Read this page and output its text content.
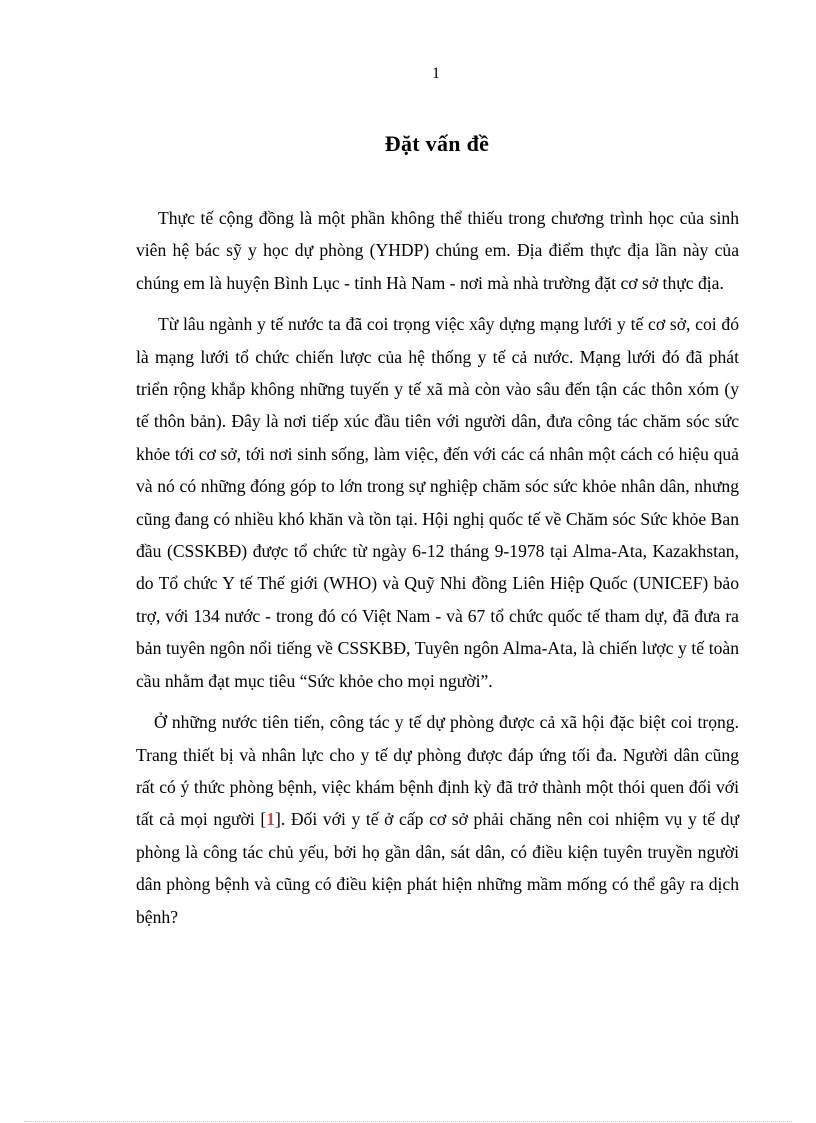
1
Đặt vấn đề

Thực tế cộng đồng là một phần không thể thiếu trong chương trình học của sinh viên hệ bác sỹ y học dự phòng (YHDP) chúng em. Địa điểm thực địa lần này của chúng em là huyện Bình Lục - tỉnh Hà Nam - nơi mà nhà trường đặt cơ sở thực địa.

Từ lâu ngành y tế nước ta đã coi trọng việc xây dựng mạng lưới y tế cơ sở, coi đó là mạng lưới tổ chức chiến lược của hệ thống y tế cả nước. Mạng lưới đó đã phát triển rộng khắp không những tuyến y tế xã mà còn vào sâu đến tận các thôn xóm (y tế thôn bản). Đây là nơi tiếp xúc đầu tiên với người dân, đưa công tác chăm sóc sức khỏe tới cơ sở, tới nơi sinh sống, làm việc, đến với các cá nhân một cách có hiệu quả và nó có những đóng góp to lớn trong sự nghiệp chăm sóc sức khỏe nhân dân, nhưng cũng đang có nhiều khó khăn và tồn tại. Hội nghị quốc tế về Chăm sóc Sức khỏe Ban đầu (CSSKBĐ) được tổ chức từ ngày 6-12 tháng 9-1978 tại Alma-Ata, Kazakhstan, do Tổ chức Y tế Thế giới (WHO) và Quỹ Nhi đồng Liên Hiệp Quốc (UNICEF) bảo trợ, với 134 nước - trong đó có Việt Nam - và 67 tổ chức quốc tế tham dự, đã đưa ra bản tuyên ngôn nổi tiếng về CSSKBĐ, Tuyên ngôn Alma-Ata, là chiến lược y tế toàn cầu nhằm đạt mục tiêu “Sức khỏe cho mọi người”.

Ở những nước tiên tiến, công tác y tế dự phòng được cả xã hội đặc biệt coi trọng. Trang thiết bị và nhân lực cho y tế dự phòng được đáp ứng tối đa. Người dân cũng rất có ý thức phòng bệnh, việc khám bệnh định kỳ đã trở thành một thói quen đối với tất cả mọi người [1]. Đối với y tế ở cấp cơ sở phải chăng nên coi nhiệm vụ y tế dự phòng là công tác chủ yếu, bởi họ gần dân, sát dân, có điều kiện tuyên truyền người dân phòng bệnh và cũng có điều kiện phát hiện những mầm mống có thể gây ra dịch bệnh?
